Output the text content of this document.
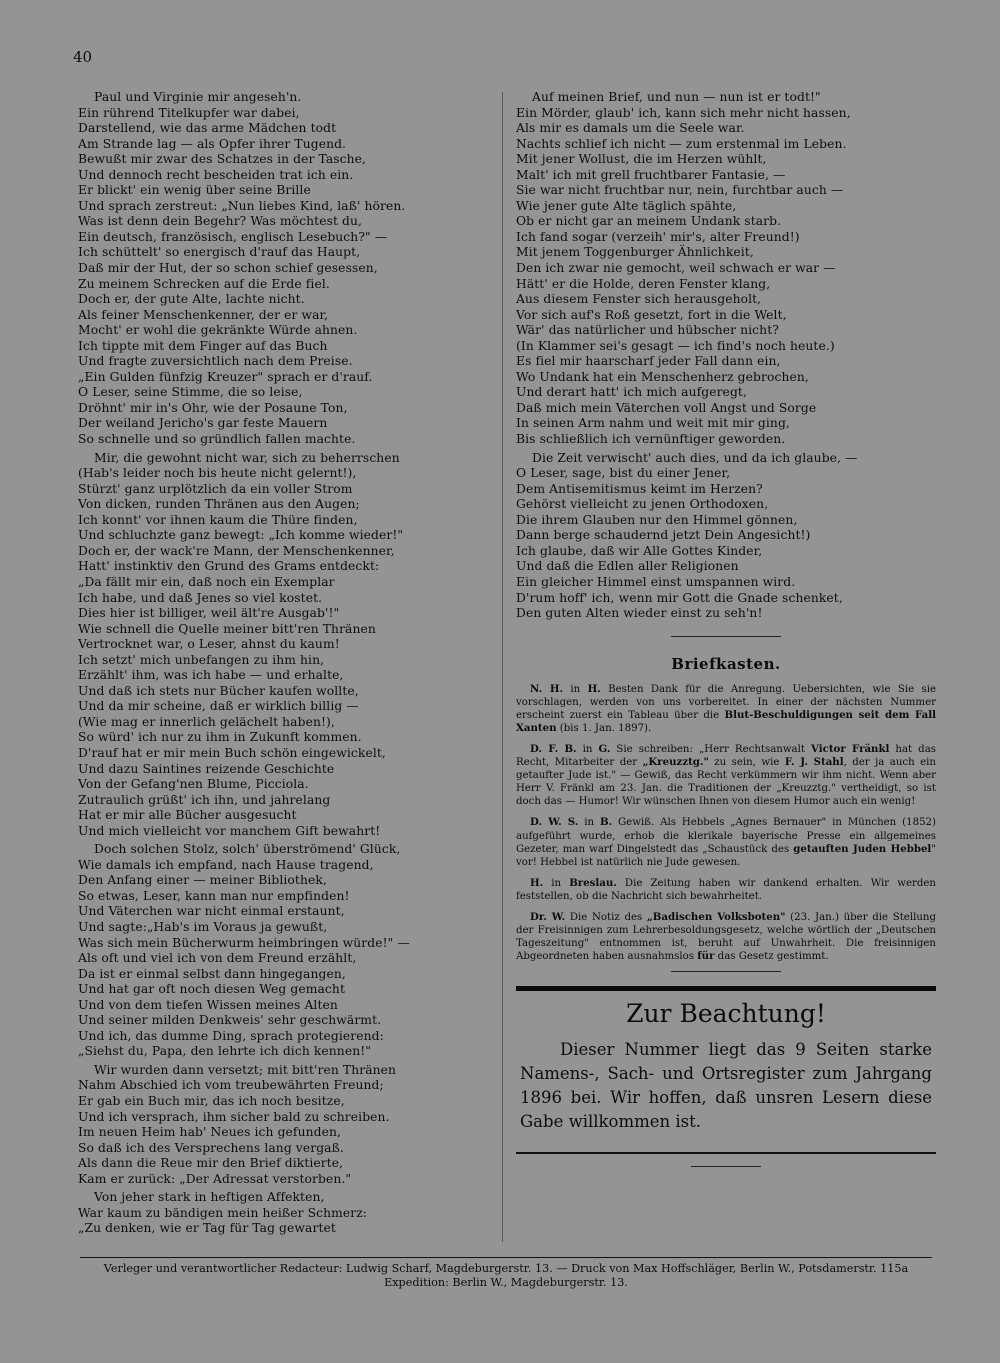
40
Paul und Virginie mir angeseh'n.
Ein rührend Titelkupfer war dabei,
Darstellend, wie das arme Mädchen todt
Am Strande lag — als Opfer ihrer Tugend.
Bewußt mir zwar des Schatzes in der Tasche,
Und dennoch recht bescheiden trat ich ein.
Er blickt' ein wenig über seine Brille
Und sprach zerstreut: „Nun liebes Kind, laß' hören.
Was ist denn dein Begehr? Was möchtest du,
Ein deutsch, französisch, englisch Lesebuch?" —
Ich schüttelt' so energisch d'rauf das Haupt,
Daß mir der Hut, der so schon schief gesessen,
Zu meinem Schrecken auf die Erde fiel.
Doch er, der gute Alte, lachte nicht.
Als feiner Menschenkenner, der er war,
Mocht' er wohl die gekränkte Würde ahnen.
Ich tippte mit dem Finger auf das Buch
Und fragte zuversichtlich nach dem Preise.
„Ein Gulden fünfzig Kreuzer" sprach er d'rauf.
O Leser, seine Stimme, die so leise,
Dröhnt' mir in's Ohr, wie der Posaune Ton,
Der weiland Jericho's gar feste Mauern
So schnelle und so gründlich fallen machte.
Mir, die gewohnt nicht war, sich zu beherrschen
(Hab's leider noch bis heute nicht gelernt!),
Stürzt' ganz urplötzlich da ein voller Strom
Von dicken, runden Thränen aus den Augen;
Ich konnt' vor ihnen kaum die Thüre finden,
Und schluchzte ganz bewegt: „Ich komme wieder!"
Doch er, der wack're Mann, der Menschenkenner,
Hatt' instinktiv den Grund des Grams entdeckt:
„Da fällt mir ein, daß noch ein Exemplar
Ich habe, und daß Jenes so viel kostet.
Dies hier ist billiger, weil ält're Ausgab'!"
Wie schnell die Quelle meiner bitt'ren Thränen
Vertrocknet war, o Leser, ahnst du kaum!
Ich setzt' mich unbefangen zu ihm hin,
Erzählt' ihm, was ich habe — und erhalte,
Und daß ich stets nur Bücher kaufen wollte,
Und da mir scheine, daß er wirklich billig —
(Wie mag er innerlich gelächelt haben!),
So würd' ich nur zu ihm in Zukunft kommen.
D'rauf hat er mir mein Buch schön eingewickelt,
Und dazu Saintines reizende Geschichte
Von der Gefang'nen Blume, Picciola.
Zutraulich grüßt' ich ihn, und jahrelang
Hat er mir alle Bücher ausgesucht
Und mich vielleicht vor manchem Gift bewahrt!
Doch solchen Stolz, solch' überströmend' Glück,
Wie damals ich empfand, nach Hause tragend,
Den Anfang einer — meiner Bibliothek,
So etwas, Leser, kann man nur empfinden!
Und Väterchen war nicht einmal erstaunt,
Und sagte:„Hab's im Voraus ja gewußt,
Was sich mein Bücherwurm heimbringen würde!" —
Als oft und viel ich von dem Freund erzählt,
Da ist er einmal selbst dann hingegangen,
Und hat gar oft noch diesen Weg gemacht
Und von dem tiefen Wissen meines Alten
Und seiner milden Denkweis' sehr geschwärmt.
Und ich, das dumme Ding, sprach protegierend:
„Siehst du, Papa, den lehrte ich dich kennen!"
Wir wurden dann versetzt; mit bitt'ren Thränen
Nahm Abschied ich vom treubewährten Freund;
Er gab ein Buch mir, das ich noch besitze,
Und ich versprach, ihm sicher bald zu schreiben.
Im neuen Heim hab' Neues ich gefunden,
So daß ich des Versprechens lang vergaß.
Als dann die Reue mir den Brief diktierte,
Kam er zurück: „Der Adressat verstorben."
Von jeher stark in heftigen Affekten,
War kaum zu bändigen mein heißer Schmerz:
„Zu denken, wie er Tag für Tag gewartet
Auf meinen Brief, und nun — nun ist er todt!"
Ein Mörder, glaub' ich, kann sich mehr nicht hassen,
Als mir es damals um die Seele war.
Nachts schlief ich nicht — zum erstenmal im Leben.
Mit jener Wollust, die im Herzen wühlt,
Malt' ich mit grell fruchtbarer Fantasie, —
Sie war nicht fruchtbar nur, nein, furchtbar auch —
Wie jener gute Alte täglich spähte,
Ob er nicht gar an meinem Undank starb.
Ich fand sogar (verzeih' mir's, alter Freund!)
Mit jenem Toggenburger Ähnlichkeit,
Den ich zwar nie gemocht, weil schwach er war —
Hätt' er die Holde, deren Fenster klang,
Aus diesem Fenster sich herausgeholt,
Vor sich auf's Roß gesetzt, fort in die Welt,
Wär' das natürlicher und hübscher nicht?
(In Klammer sei's gesagt — ich find's noch heute.)
Es fiel mir haarscharf jeder Fall dann ein,
Wo Undank hat ein Menschenherz gebrochen,
Und derart hatt' ich mich aufgeregt,
Daß mich mein Väterchen voll Angst und Sorge
In seinen Arm nahm und weit mit mir ging,
Bis schließlich ich vernünftiger geworden.
Die Zeit verwischt' auch dies, und da ich glaube, —
O Leser, sage, bist du einer Jener,
Dem Antisemitismus keimt im Herzen?
Gehörst vielleicht zu jenen Orthodoxen,
Die ihrem Glauben nur den Himmel gönnen,
Dann berge schaudernd jetzt Dein Angesicht!)
Ich glaube, daß wir Alle Gottes Kinder,
Und daß die Edlen aller Religionen
Ein gleicher Himmel einst umspannen wird.
D'rum hoff' ich, wenn mir Gott die Gnade schenket,
Den guten Alten wieder einst zu seh'n!
Briefkasten.
N. H. in H. Besten Dank für die Anregung. Uebersichten, wie Sie sie vorschlagen, werden von uns vorbereitet. In einer der nächsten Nummer erscheint zuerst ein Tableau über die Blut-Beschuldigungen seit dem Fall Xanten (bis 1. Jan. 1897).
D. F. B. in G. Sie schreiben: „Herr Rechtsanwalt Victor Fränkl hat das Recht, Mitarbeiter der „Kreuzztg." zu sein, wie F. J. Stahl, der ja auch ein getaufter Jude ist." — Gewiß, das Recht verkümmern wir ihm nicht. Wenn aber Herr V. Fränkl am 23. Jan. die Traditionen der „Kreuzztg." vertheidigt, so ist doch das — Humor! Wir wünschen Ihnen von diesem Humor auch ein wenig!
D. W. S. in B. Gewiß. Als Hebbels „Agnes Bernauer" in München (1852) aufgeführt wurde, erhob die klerikale bayerische Presse ein allgemeines Gezeter, man warf Dingelstedt das „Schaustück des getauften Juden Hebbel" vor! Hebbel ist natürlich nie Jude gewesen.
H. in Breslau. Die Zeitung haben wir dankend erhalten. Wir werden feststellen, ob die Nachricht sich bewahrheitet.
Dr. W. Die Notiz des „Badischen Volksboten" (23. Jan.) über die Stellung der Freisinnigen zum Lehrerbesoldungsgesetz, welche wörtlich der „Deutschen Tageszeitung" entnommen ist, beruht auf Unwahrheit. Die freisinnigen Abgeordneten haben ausnahmslos für das Gesetz gestimmt.
Zur Beachtung!
Dieser Nummer liegt das 9 Seiten starke Namens-, Sach- und Ortsregister zum Jahrgang 1896 bei. Wir hoffen, daß unsren Lesern diese Gabe willkommen ist.
Verleger und verantwortlicher Redacteur: Ludwig Scharf, Magdeburgerstr. 13. — Druck von Max Hoffschläger, Berlin W., Potsdamerstr. 115a
Expedition: Berlin W., Magdeburgerstr. 13.
